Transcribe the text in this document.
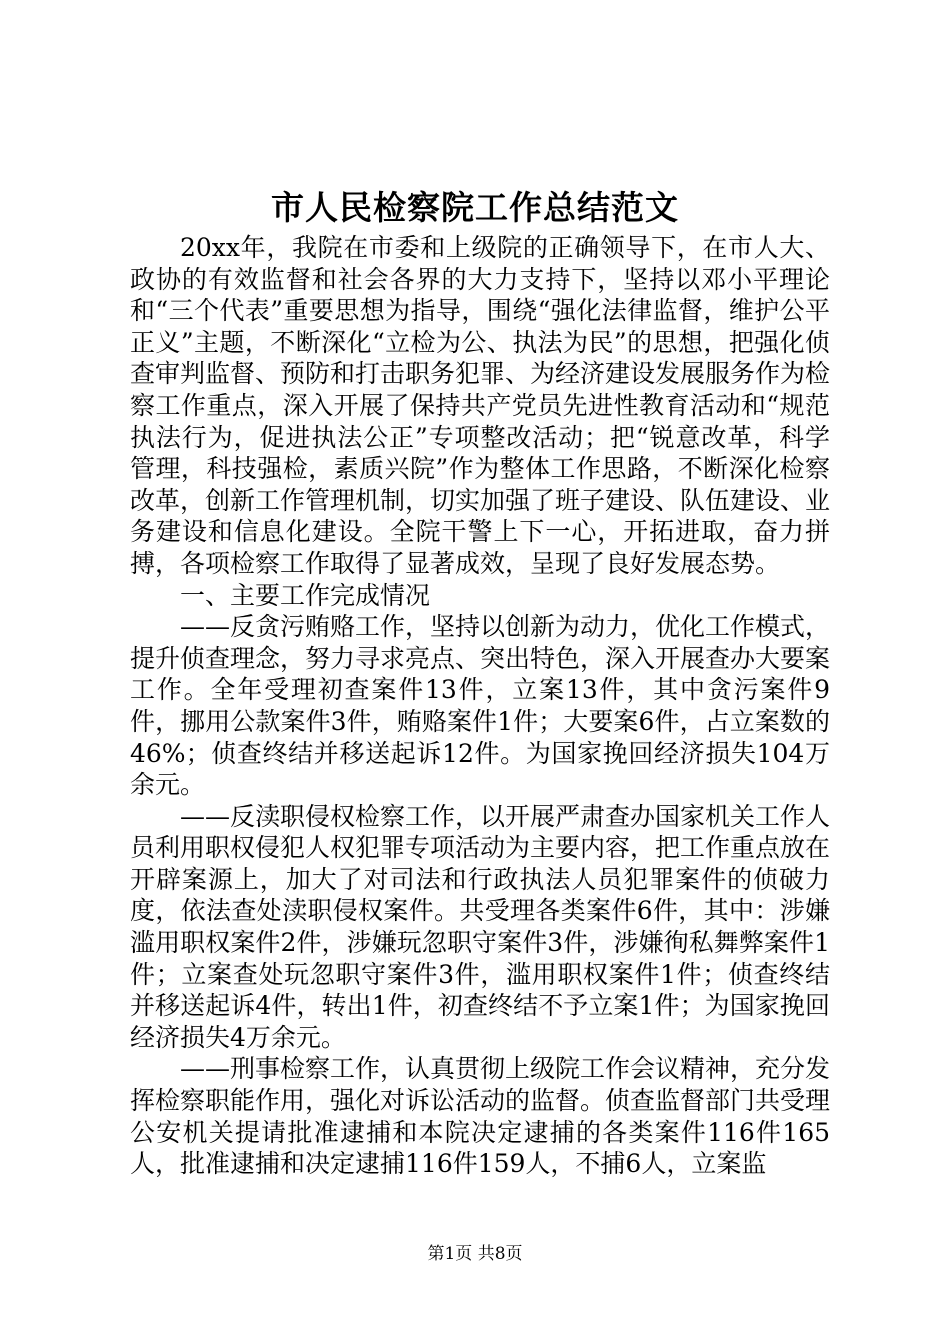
市人民检察院工作总结范文

20xx年，我院在市委和上级院的正确领导下，在市人大、政协的有效监督和社会各界的大力支持下，坚持以邓小平理论和“三个代表”重要思想为指导，围绕“强化法律监督，维护公平正义”主题，不断深化“立检为公、执法为民”的思想，把强化侦查审判监督、预防和打击职务犯罪、为经济建设发展服务作为检察工作重点，深入开展了保持共产党员先进性教育活动和“规范执法行为，促进执法公正”专项整改活动；把“锐意改革，科学管理，科技强检，素质兴院”作为整体工作思路，不断深化检察改革，创新工作管理机制，切实加强了班子建设、队伍建设、业务建设和信息化建设。全院干警上下一心，开拓进取，奋力拼搏，各项检察工作取得了显著成效，呈现了良好发展态势。

一、主要工作完成情况

——反贪污贿赂工作，坚持以创新为动力，优化工作模式，提升侦查理念，努力寻求亮点、突出特色，深入开展查办大要案工作。全年受理初查案件13件，立案13件，其中贪污案件9件，挪用公款案件3件，贿赂案件1件；大要案6件，占立案数的46%；侦查终结并移送起诉12件。为国家挽回经济损失104万余元。

——反渎职侵权检察工作，以开展严肃查办国家机关工作人员利用职权侵犯人权犯罪专项活动为主要内容，把工作重点放在开辟案源上，加大了对司法和行政执法人员犯罪案件的侦破力度，依法查处渎职侵权案件。共受理各类案件6件，其中：涉嫌滥用职权案件2件，涉嫌玩忽职守案件3件，涉嫌徇私舞弊案件1件；立案查处玩忽职守案件3件，滥用职权案件1件；侦查终结并移送起诉4件，转出1件，初查终结不予立案1件；为国家挽回经济损失4万余元。

——刑事检察工作，认真贯彻上级院工作会议精神，充分发挥检察职能作用，强化对诉讼活动的监督。侦查监督部门共受理公安机关提请批准逮捕和本院决定逮捕的各类案件116件165人，批准逮捕和决定逮捕116件159人，不捕6人，立案监

第1页 共8页
